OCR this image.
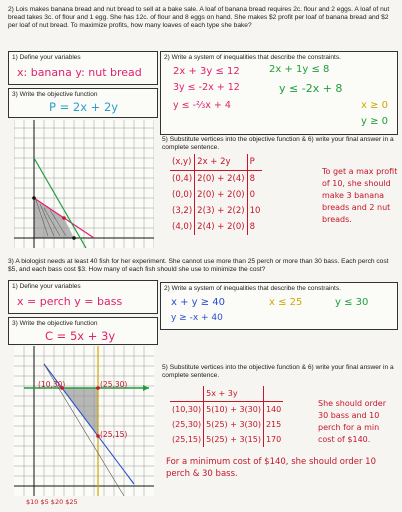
2) Lois makes banana bread and nut bread to sell at a bake sale. A loaf of banana bread requires 2c. flour and 2 eggs. A loaf of nut bread takes 3c. of flour and 1 egg. She has 12c. of flour and 8 eggs on hand. She makes $2 profit per loaf of banana bread and $2 per loaf of nut bread. To maximize profits, how many loaves of each type she bake?
1) Define your variables
x: banana y: nut bread
2) Write a system of inequalities that describe the constraints.
2x + 3y ≤ 12	2x + 1y ≤ 8
3y ≤ -2x + 12	y ≤ -2x + 8
y ≤ -⅔x + 4	x ≥ 0
y ≥ 0
3) Write the objective function
P = 2x + 2y
5) Substitute vertices into the objective function & 6) write your final answer in a complete sentence.
(x,y)	2x + 2y	P
(0,4)	2(0) + 2(4)	8
(0,0)	2(0) + 2(0)	0
(3,2)	2(3) + 2(2)	10
(4,0)	2(4) + 2(0)	8
To get a max profit of 10, she should make 3 banana breads and 2 nut breads.
3) A biologist needs at least 40 fish for her experiment. She cannot use more than 25 perch or more than 30 bass. Each perch cost $5, and each bass cost $3. How many of each fish should she use to minimize the cost?
1) Define your variables
x = perch y = bass
2) Write a system of inequalities that describe the constraints.
x + y ≥ 40	x ≤ 25	y ≤ 30
y ≥ -x + 40
3) Write the objective function
C = 5x + 3y
(10,30)	(25,30)
(25,15)
$10 $5 $20 $25
5) Substitute vertices into the objective function & 6) write your final answer in a complete sentence.
	5x + 3y	
(10,30)	5(10) + 3(30)	140
(25,30)	5(25) + 3(30)	215
(25,15)	5(25) + 3(15)	170
She should order 30 bass and 10 perch for a min cost of $140.
For a minimum cost of $140, she should order 10 perch & 30 bass.
